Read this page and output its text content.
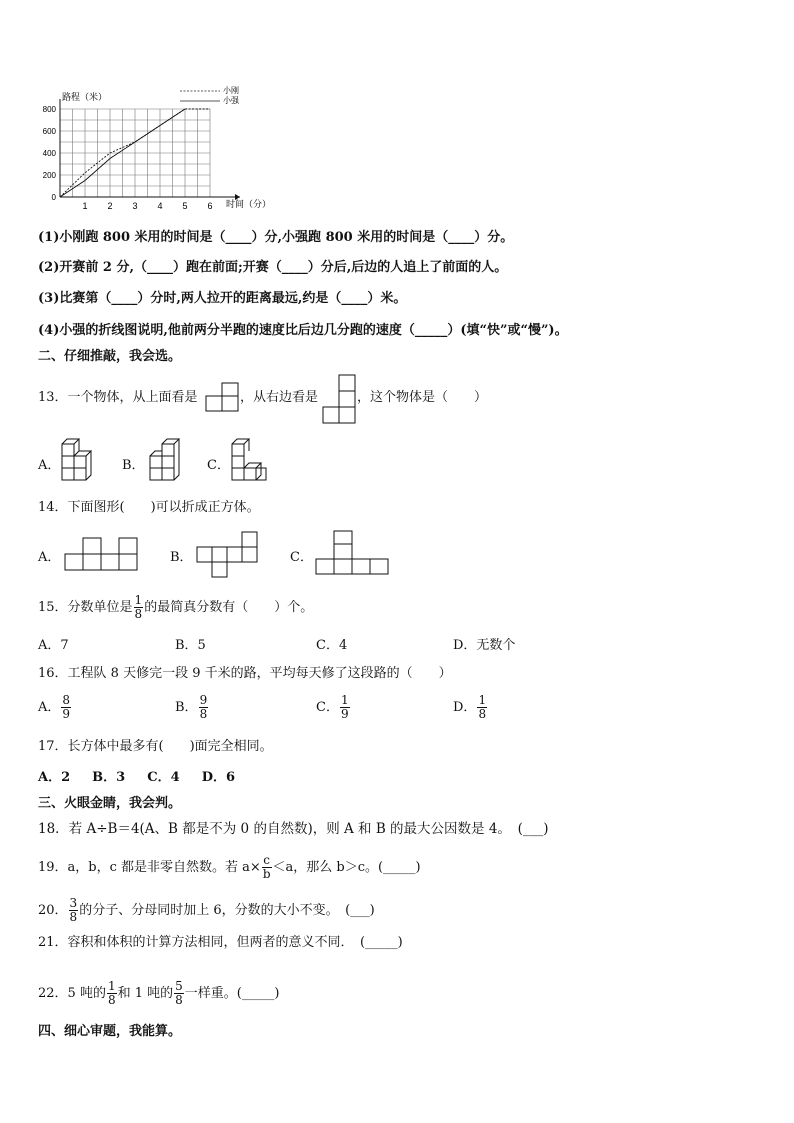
1 2 3 4 5 6
0
200
400
600
800
路程（米）
时间（分）
小刚
小强
(1)小刚跑 800 米用的时间是（____）分,小强跑 800 米用的时间是（____）分。
(2)开赛前 2 分,（____）跑在前面;开赛（____）分后,后边的人追上了前面的人。
(3)比赛第（____）分时,两人拉开的距离最远,约是（____）米。
(4)小强的折线图说明,他前两分半跑的速度比后边几分跑的速度（_____）(填“快”或“慢”)。
二、仔细推敲，我会选。
13．一个物体，从上面看是	，从右边看是	，这个物体是（　　）
A．	B．	C．
14．下面图形(　　)可以折成正方体。
A．	B．	C．
15．分数单位是 $\frac{1}{8}$ 的最简真分数有（　　）个。
A．7	B．5	C．4	D．无数个
16．工程队 8 天修完一段 9 千米的路，平均每天修了这段路的（　　）
A． $\frac{8}{9}$	B． $\frac{9}{8}$	C． $\frac{1}{9}$	D． $\frac{1}{8}$
17．长方体中最多有(　　)面完全相同。
A．2　  B．3　  C．4　  D．6
三、火眼金睛，我会判。
18．若 A÷B＝4(A、B 都是不为 0 的自然数)，则 A 和 B 的最大公因数是 4。　(___)
19．a，b，c 都是非零自然数。若 $a\times \frac{c}{b} <a$，那么 b＞c。(_____)
20． $\frac{3}{8}$ 的分子、分母同时加上 6，分数的大小不变。　(___)
21．容积和体积的计算方法相同，但两者的意义不同．　(_____)
22．5 吨的 $\frac{1}{8}$ 和 1 吨的 $\frac{5}{8}$ 一样重。(_____)
四、细心审题，我能算。
